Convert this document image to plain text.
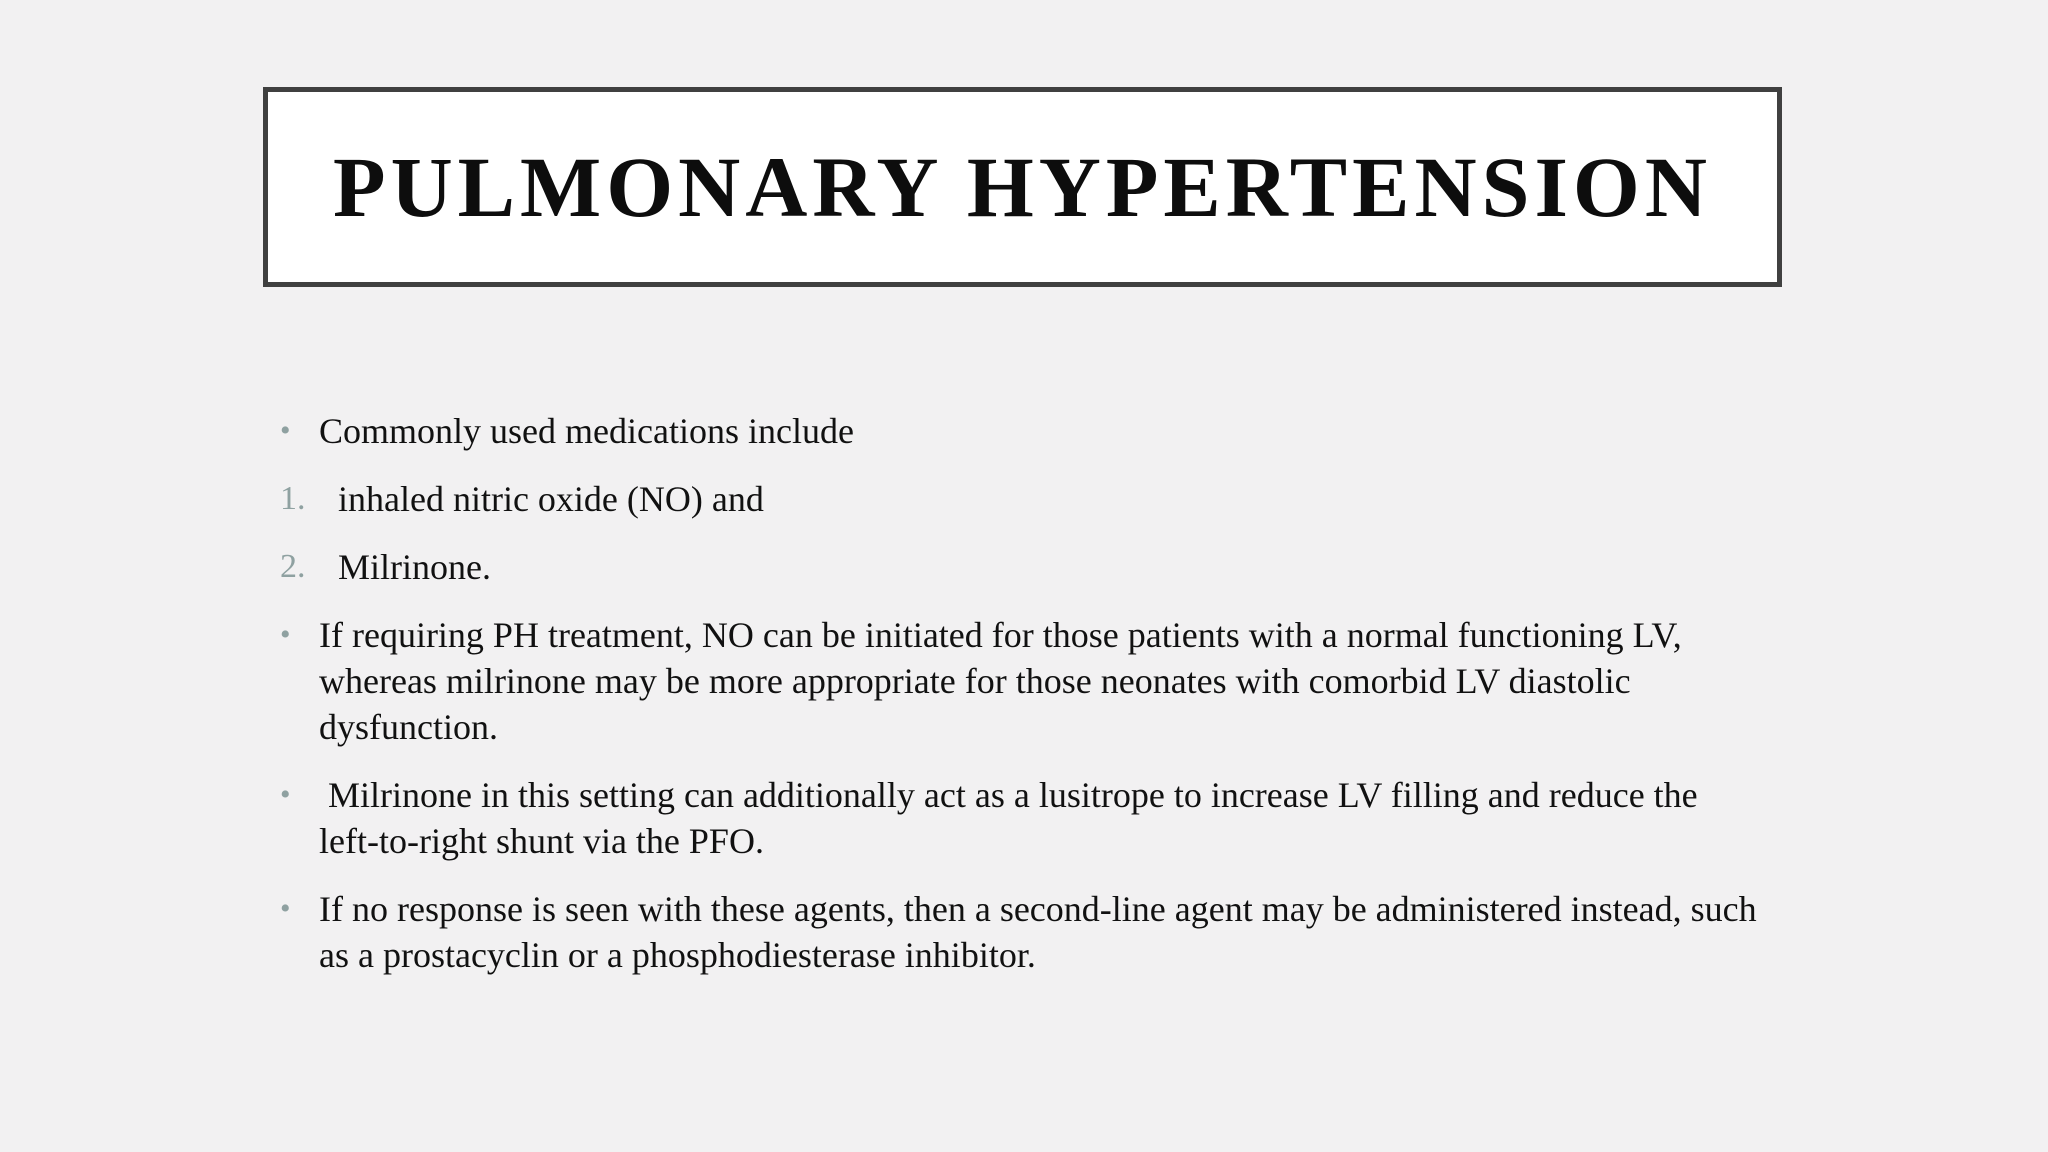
PULMONARY HYPERTENSION
• Commonly used medications include
1. inhaled nitric oxide (NO) and
2. Milrinone.
• If requiring PH treatment, NO can be initiated for those patients with a normal functioning LV, whereas milrinone may be more appropriate for those neonates with comorbid LV diastolic dysfunction.
• Milrinone in this setting can additionally act as a lusitrope to increase LV filling and reduce the left-to-right shunt via the PFO.
• If no response is seen with these agents, then a second-line agent may be administered instead, such as a prostacyclin or a phosphodiesterase inhibitor.
